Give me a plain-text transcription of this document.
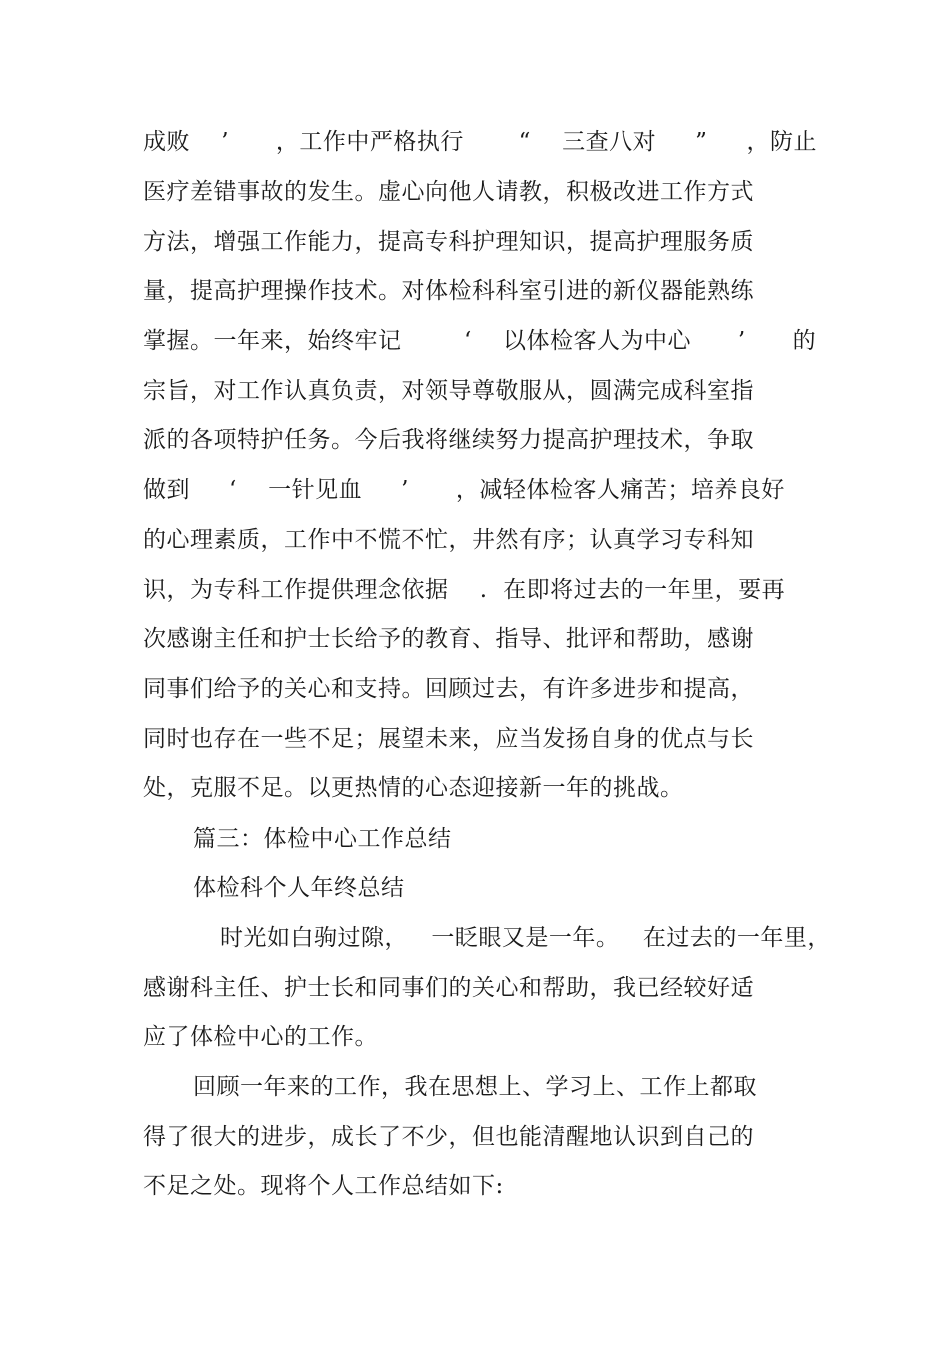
成败    ’      ，工作中严格执行       “    三查八对     ”     ，防止
医疗差错事故的发生。虚心向他人请教，积极改进工作方式
方法，增强工作能力，提高专科护理知识，提高护理服务质
量，提高护理操作技术。对体检科科室引进的新仪器能熟练
掌握。一年来，始终牢记        ‘    以体检客人为中心      ’      的
宗旨，对工作认真负责，对领导尊敬服从，圆满完成科室指
派的各项特护任务。今后我将继续努力提高护理技术，争取
做到     ‘    一针见血     ’      ，减轻体检客人痛苦；培养良好
的心理素质，工作中不慌不忙，井然有序；认真学习专科知
识，为专科工作提供理念依据    .  在即将过去的一年里，要再
次感谢主任和护士长给予的教育、指导、批评和帮助，感谢
同事们给予的关心和支持。回顾过去，有许多进步和提高，
同时也存在一些不足；展望未来，应当发扬自身的优点与长
处，克服不足。以更热情的心态迎接新一年的挑战。
篇三：体检中心工作总结
体检科个人年终总结
时光如白驹过隙，   一眨眼又是一年。   在过去的一年里，
感谢科主任、护士长和同事们的关心和帮助，我已经较好适
应了体检中心的工作。
回顾一年来的工作，我在思想上、学习上、工作上都取
得了很大的进步，成长了不少，但也能清醒地认识到自己的
不足之处。现将个人工作总结如下:
